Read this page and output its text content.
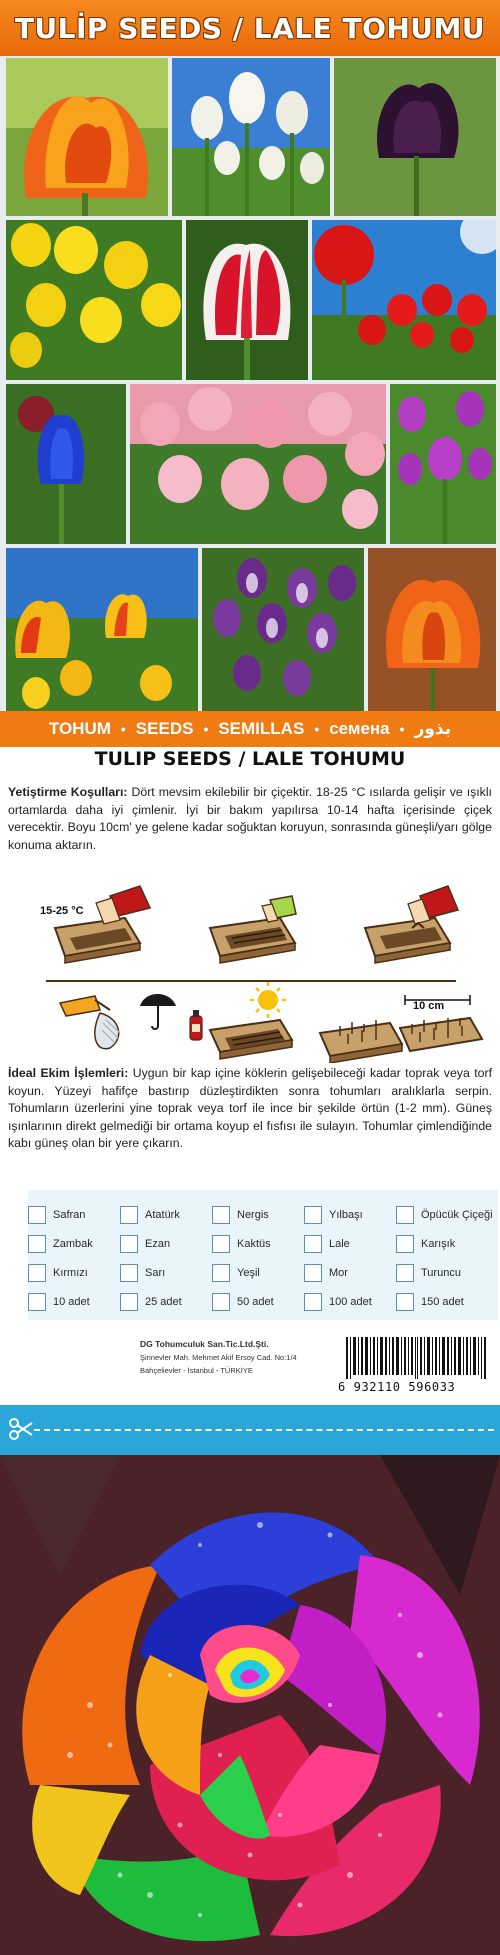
TULİP SEEDS / LALE TOHUMU
TOHUM • SEEDS • SEMILLAS • семена • بذور
TULIP SEEDS / LALE TOHUMU

Yetiştirme Koşulları: Dört mevsim ekilebilir bir çiçektir. 18-25 °C ısılarda gelişir ve ışıklı ortamlarda daha iyi çimlenir. İyi bir bakım yapılırsa 10-14 hafta içerisinde çiçek verecektir. Boyu 10cm' ye gelene kadar soğuktan koruyun, sonrasında güneşli/yarı gölge konuma aktarın.

15-25 °C
10 cm

İdeal Ekim İşlemleri: Uygun bir kap içine köklerin gelişebileceği kadar toprak veya torf koyun. Yüzeyi hafifçe bastırıp düzleştirdikten sonra tohumları aralıklarla serpin. Tohumların üzerlerini yine toprak veya torf ile ince bir şekilde örtün (1-2 mm). Güneş ışınlarının direkt gelmediği bir ortama koyup el fısfısı ile sulayın. Tohumlar çimlendiğinde kabı güneş olan bir yere çıkarın.

Safran	Atatürk	Nergis	Yılbaşı	Öpücük Çiçeği
Zambak	Ezan	Kaktüs	Lale	Karışık
Kırmızı	Sarı	Yeşil	Mor	Turuncu
10 adet	25 adet	50 adet	100 adet	150 adet
DG Tohumculuk San.Tic.Ltd.Şti.
Şirinevler Mah. Mehmet Akif Ersoy Cad. No:1/4
Bahçelievler - İstanbul - TÜRKİYE
6 932110 596033
